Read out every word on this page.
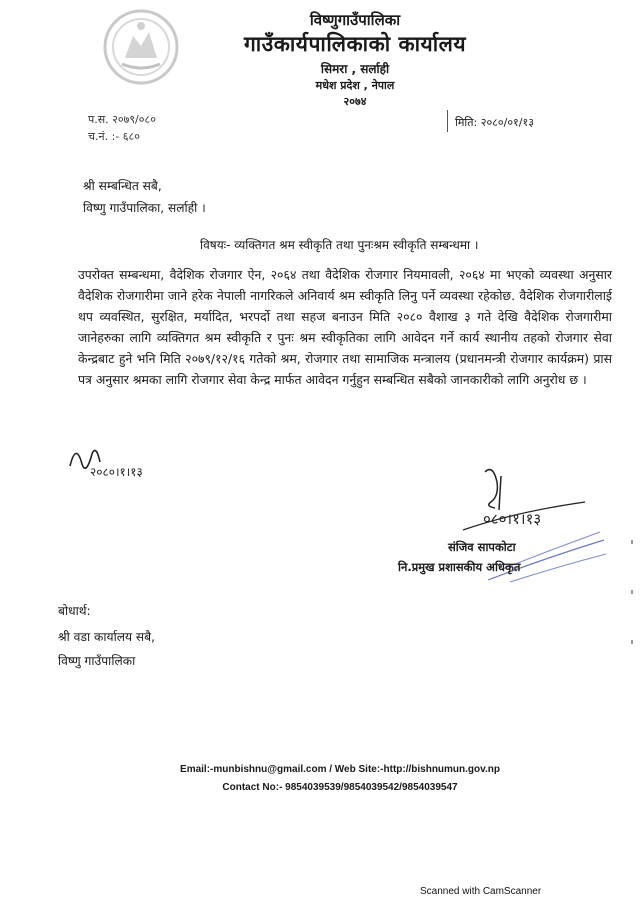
विष्णुगाउँपालिका
गाउँकार्यपालिकाको कार्यालय
सिमरा , सर्लाही
मधेश प्रदेश , नेपाल
२०७४
प.स. २०७९/०८०
च.नं. :- ६८०
मिति: २०८०/०१/१३
श्री सम्बन्धित सबै,
विष्णु गाउँपालिका, सर्लाही ।
विषयः- व्यक्तिगत श्रम स्वीकृति तथा पुनःश्रम स्वीकृति सम्बन्धमा ।
उपरोक्त सम्बन्धमा, वैदेशिक रोजगार ऐन, २०६४ तथा वैदेशिक रोजगार नियमावली, २०६४ मा भएको व्यवस्था अनुसार वैदेशिक रोजगारीमा जाने हरेक नेपाली नागरिकले अनिवार्य श्रम स्वीकृति लिनु पर्ने व्यवस्था रहेकोछ. वैदेशिक रोजगारीलाई थप व्यवस्थित, सुरक्षित, मर्यादित, भरपर्दो तथा सहज बनाउन मिति २०८० वैशाख ३ गते देखि वैदेशिक रोजगारीमा जानेहरुका लागि व्यक्तिगत श्रम स्वीकृति र पुनः श्रम स्वीकृतिका लागि आवेदन गर्ने कार्य स्थानीय तहको रोजगार सेवा केन्द्रबाट हुने भनि मिति २०७९/१२/१६ गतेको श्रम, रोजगार तथा सामाजिक मन्त्रालय (प्रधानमन्त्री रोजगार कार्यक्रम) प्रास पत्र अनुसार श्रमका लागि रोजगार सेवा केन्द्र मार्फत आवेदन गर्नुहुन सम्बन्धित सबैको जानकारीको लागि अनुरोध छ ।
२०८०।१।१३
०८०।१।१३
संजिव सापकोटा
नि.प्रमुख प्रशासकीय अधिकृत
बोधार्थ:
श्री वडा कार्यालय सबै,
विष्णु गाउँपालिका
Email:-munbishnu@gmail.com / Web Site:-http://bishnumun.gov.np
Contact No:- 9854039539/9854039542/9854039547
Scanned with CamScanner
